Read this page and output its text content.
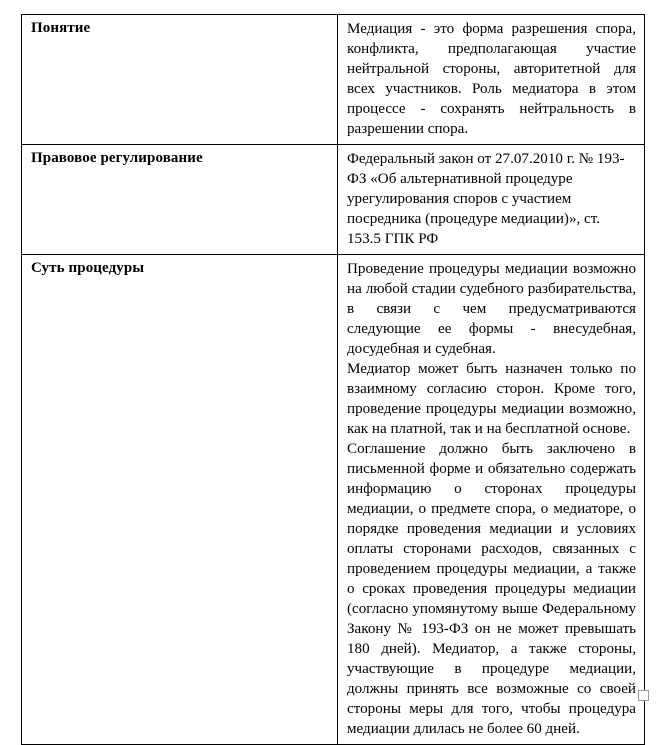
Понятие	Медиация - это форма разрешения спора, конфликта, предполагающая участие нейтральной стороны, авторитетной для всех участников. Роль медиатора в этом процессе - сохранять нейтральность в разрешении спора.

Правовое регулирование	Федеральный закон от 27.07.2010 г. № 193-ФЗ «Об альтернативной процедуре урегулирования споров с участием посредника (процедуре медиации)», ст. 153.5 ГПК РФ

Суть процедуры	Проведение процедуры медиации возможно на любой стадии судебного разбирательства, в связи с чем предусматриваются следующие ее формы - внесудебная, досудебная и судебная.

Медиатор может быть назначен только по взаимному согласию сторон. Кроме того, проведение процедуры медиации возможно, как на платной, так и на бесплатной основе.

Соглашение должно быть заключено в письменной форме и обязательно содержать информацию о сторонах процедуры медиации, о предмете спора, о медиаторе, о порядке проведения медиации и условиях оплаты сторонами расходов, связанных с проведением процедуры медиации, а также о сроках проведения процедуры медиации (согласно упомянутому выше Федеральному Закону № 193-ФЗ он не может превышать 180 дней). Медиатор, а также стороны, участвующие в процедуре медиации, должны принять все возможные со своей стороны меры для того, чтобы процедура медиации длилась не более 60 дней.
